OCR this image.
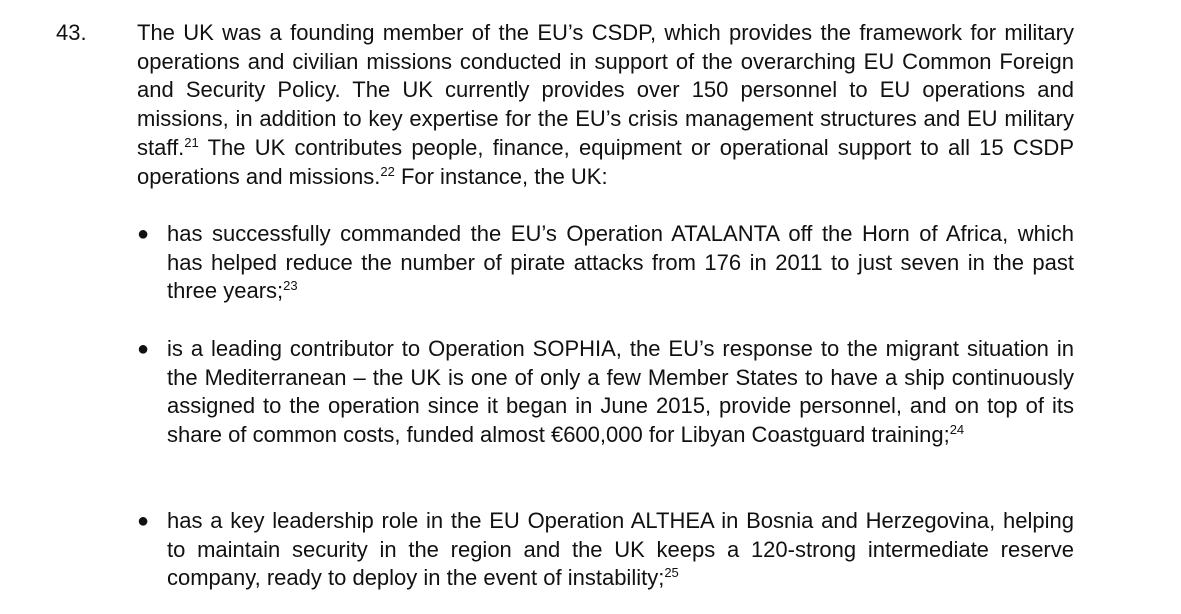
43. The UK was a founding member of the EU’s CSDP, which provides the framework for military operations and civilian missions conducted in support of the overarching EU Common Foreign and Security Policy. The UK currently provides over 150 personnel to EU operations and missions, in addition to key expertise for the EU’s crisis management structures and EU military staff.$^{21}$ The UK contributes people, finance, equipment or operational support to all 15 CSDP operations and missions.$^{22}$ For instance, the UK:
● has successfully commanded the EU’s Operation ATALANTA off the Horn of Africa, which has helped reduce the number of pirate attacks from 176 in 2011 to just seven in the past three years;$^{23}$
● is a leading contributor to Operation SOPHIA, the EU’s response to the migrant situation in the Mediterranean – the UK is one of only a few Member States to have a ship continuously assigned to the operation since it began in June 2015, provide personnel, and on top of its share of common costs, funded almost €600,000 for Libyan Coastguard training;$^{24}$
● has a key leadership role in the EU Operation ALTHEA in Bosnia and Herzegovina, helping to maintain security in the region and the UK keeps a 120-strong intermediate reserve company, ready to deploy in the event of instability;$^{25}$
